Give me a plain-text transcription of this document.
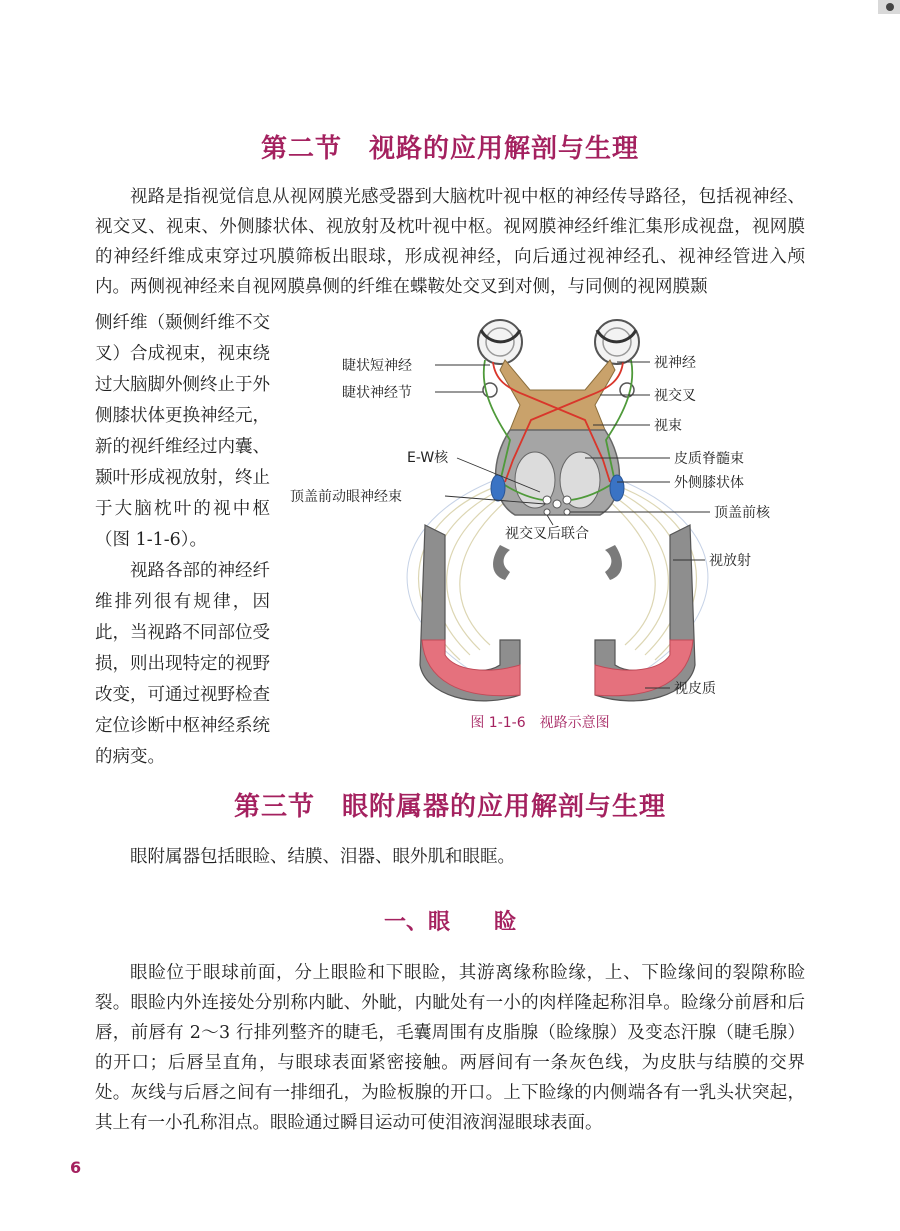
第二节　视路的应用解剖与生理

视路是指视觉信息从视网膜光感受器到大脑枕叶视中枢的神经传导路径，包括视神经、视交叉、视束、外侧膝状体、视放射及枕叶视中枢。视网膜神经纤维汇集形成视盘，视网膜的神经纤维成束穿过巩膜筛板出眼球，形成视神经，向后通过视神经孔、视神经管进入颅内。两侧视神经来自视网膜鼻侧的纤维在蝶鞍处交叉到对侧，与同侧的视网膜颞

侧纤维（颞侧纤维不交叉）合成视束，视束绕过大脑脚外侧终止于外侧膝状体更换神经元，新的视纤维经过内囊、颞叶形成视放射，终止于大脑枕叶的视中枢（图 1-1-6）。

视路各部的神经纤维排列很有规律，因此，当视路不同部位受损，则出现特定的视野改变，可通过视野检查定位诊断中枢神经系统的病变。

睫状短神经
睫状神经节
视神经
视交叉
视束
E-W核	皮质脊髓束
外侧膝状体
顶盖前动眼神经束
顶盖前核
视交叉后联合
视放射
视皮质

图 1-1-6　视路示意图

第三节　眼附属器的应用解剖与生理

眼附属器包括眼睑、结膜、泪器、眼外肌和眼眶。

一、眼　　睑

眼睑位于眼球前面，分上眼睑和下眼睑，其游离缘称睑缘，上、下睑缘间的裂隙称睑裂。眼睑内外连接处分别称内眦、外眦，内眦处有一小的肉样隆起称泪阜。睑缘分前唇和后唇，前唇有 2～3 行排列整齐的睫毛，毛囊周围有皮脂腺（睑缘腺）及变态汗腺（睫毛腺）的开口；后唇呈直角，与眼球表面紧密接触。两唇间有一条灰色线，为皮肤与结膜的交界处。灰线与后唇之间有一排细孔，为睑板腺的开口。上下睑缘的内侧端各有一乳头状突起，其上有一小孔称泪点。眼睑通过瞬目运动可使泪液润湿眼球表面。

6
